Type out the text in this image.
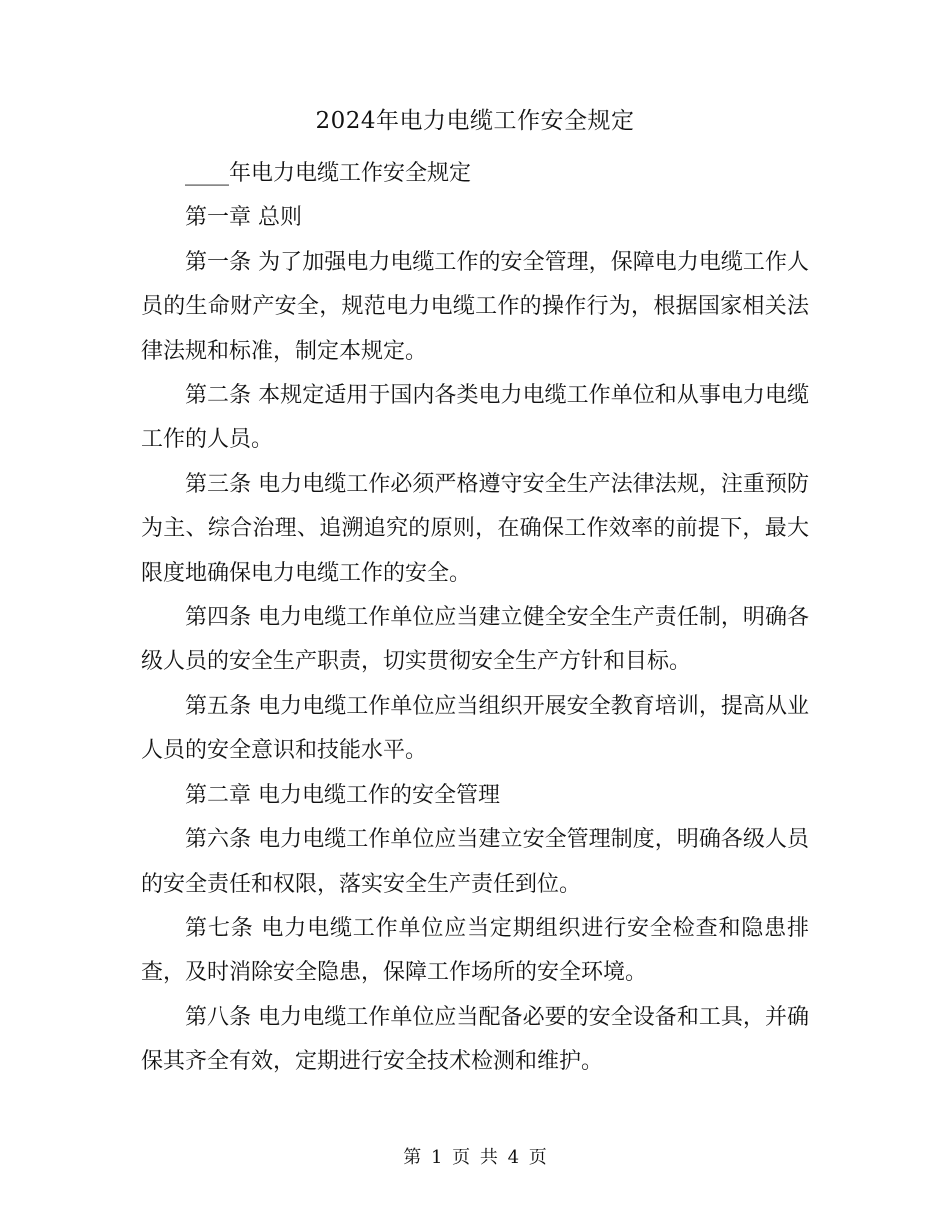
2024年电力电缆工作安全规定

____年电力电缆工作安全规定

第一章 总则

第一条 为了加强电力电缆工作的安全管理，保障电力电缆工作人员的生命财产安全，规范电力电缆工作的操作行为，根据国家相关法律法规和标准，制定本规定。

第二条 本规定适用于国内各类电力电缆工作单位和从事电力电缆工作的人员。

第三条 电力电缆工作必须严格遵守安全生产法律法规，注重预防为主、综合治理、追溯追究的原则，在确保工作效率的前提下，最大限度地确保电力电缆工作的安全。

第四条 电力电缆工作单位应当建立健全安全生产责任制，明确各级人员的安全生产职责，切实贯彻安全生产方针和目标。

第五条 电力电缆工作单位应当组织开展安全教育培训，提高从业人员的安全意识和技能水平。

第二章 电力电缆工作的安全管理

第六条 电力电缆工作单位应当建立安全管理制度，明确各级人员的安全责任和权限，落实安全生产责任到位。

第七条 电力电缆工作单位应当定期组织进行安全检查和隐患排查，及时消除安全隐患，保障工作场所的安全环境。

第八条 电力电缆工作单位应当配备必要的安全设备和工具，并确保其齐全有效，定期进行安全技术检测和维护。

第 1 页 共 4 页
